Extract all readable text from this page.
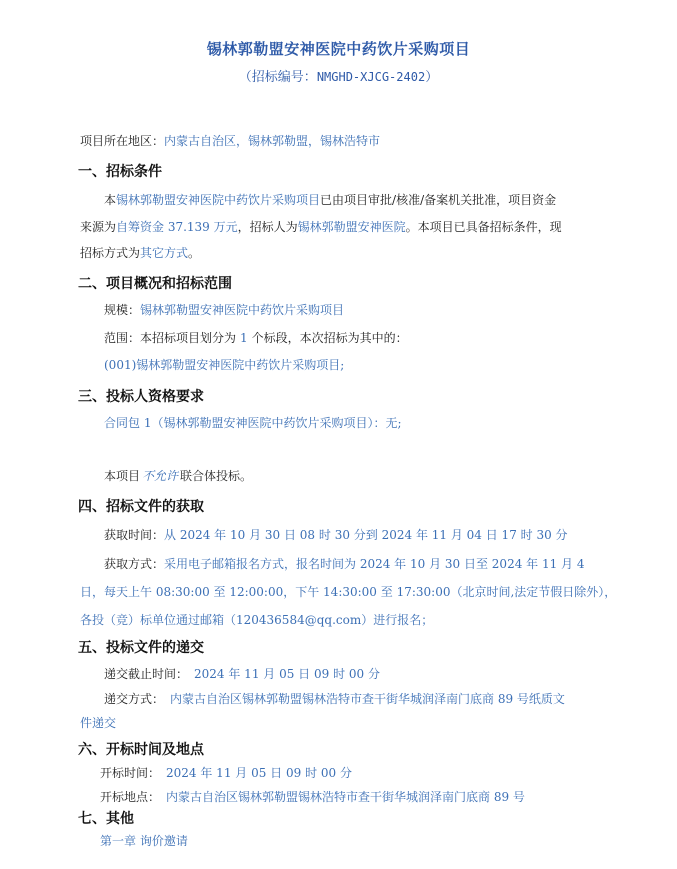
锡林郭勒盟安神医院中药饮片采购项目
（招标编号：NMGHD-XJCG-2402）
项目所在地区：内蒙古自治区，锡林郭勒盟，锡林浩特市
一、招标条件
本锡林郭勒盟安神医院中药饮片采购项目已由项目审批/核准/备案机关批准，项目资金
来源为自筹资金 37.139 万元，招标人为锡林郭勒盟安神医院。本项目已具备招标条件，现
招标方式为其它方式。
二、项目概况和招标范围
规模：锡林郭勒盟安神医院中药饮片采购项目
范围：本招标项目划分为 1 个标段，本次招标为其中的：
(001)锡林郭勒盟安神医院中药饮片采购项目;
三、投标人资格要求
合同包 1（锡林郭勒盟安神医院中药饮片采购项目）：无;
本项目 不允许 联合体投标。
四、招标文件的获取
获取时间：从 2024 年 10 月 30 日 08 时 30 分到 2024 年 11 月 04 日 17 时 30 分
获取方式：采用电子邮箱报名方式，报名时间为 2024 年 10 月 30 日至 2024 年 11 月 4
日，每天上午 08:30:00 至 12:00:00，下午 14:30:00 至 17:30:00（北京时间,法定节假日除外），
各投（竞）标单位通过邮箱（120436584@qq.com）进行报名；
五、投标文件的递交
递交截止时间： 2024 年 11 月 05 日 09 时 00 分
递交方式： 内蒙古自治区锡林郭勒盟锡林浩特市查干街华城润泽南门底商 89 号纸质文
件递交
六、开标时间及地点
开标时间： 2024 年 11 月 05 日 09 时 00 分
开标地点： 内蒙古自治区锡林郭勒盟锡林浩特市查干街华城润泽南门底商 89 号
七、其他
第一章 询价邀请
